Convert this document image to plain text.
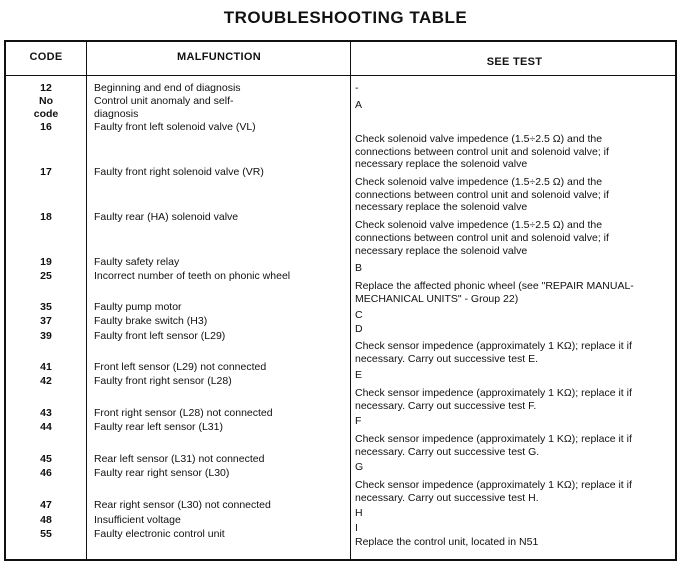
TROUBLESHOOTING TABLE
CODE	MALFUNCTION	SEE TEST
12
No
code
16
17
18
19
25
35
37
39
41
42
43
44
45
46
47
48
55
Beginning and end of diagnosis
Control unit anomaly and self-
diagnosis
Faulty front left solenoid valve (VL)
Faulty front right solenoid valve (VR)
Faulty rear (HA) solenoid valve
Faulty safety relay
Incorrect number of teeth on phonic wheel
Faulty pump motor
Faulty brake switch (H3)
Faulty front left sensor (L29)
Front left sensor (L29) not connected
Faulty front right sensor (L28)
Front right sensor (L28) not connected
Faulty rear left sensor (L31)
Rear left sensor (L31) not connected
Faulty rear right sensor (L30)
Rear right sensor (L30) not connected
Insufficient voltage
Faulty electronic control unit
-
A
Check solenoid valve impedence (1.5÷2.5 Ω) and the
connections between control unit and solenoid valve; if
necessary replace the solenoid valve
Check solenoid valve impedence (1.5÷2.5 Ω) and the
connections between control unit and solenoid valve; if
necessary replace the solenoid valve
Check solenoid valve impedence (1.5÷2.5 Ω) and the
connections between control unit and solenoid valve; if
necessary replace the solenoid valve
B
Replace the affected phonic wheel (see "REPAIR MANUAL-
MECHANICAL UNITS" - Group 22)
C
D
Check sensor impedence (approximately 1 KΩ); replace it if
necessary. Carry out successive test E.
E
Check sensor impedence (approximately 1 KΩ); replace it if
necessary. Carry out successive test F.
F
Check sensor impedence (approximately 1 KΩ); replace it if
necessary. Carry out successive test G.
G
Check sensor impedence (approximately 1 KΩ); replace it if
necessary. Carry out successive test H.
H
I
Replace the control unit, located in N51
